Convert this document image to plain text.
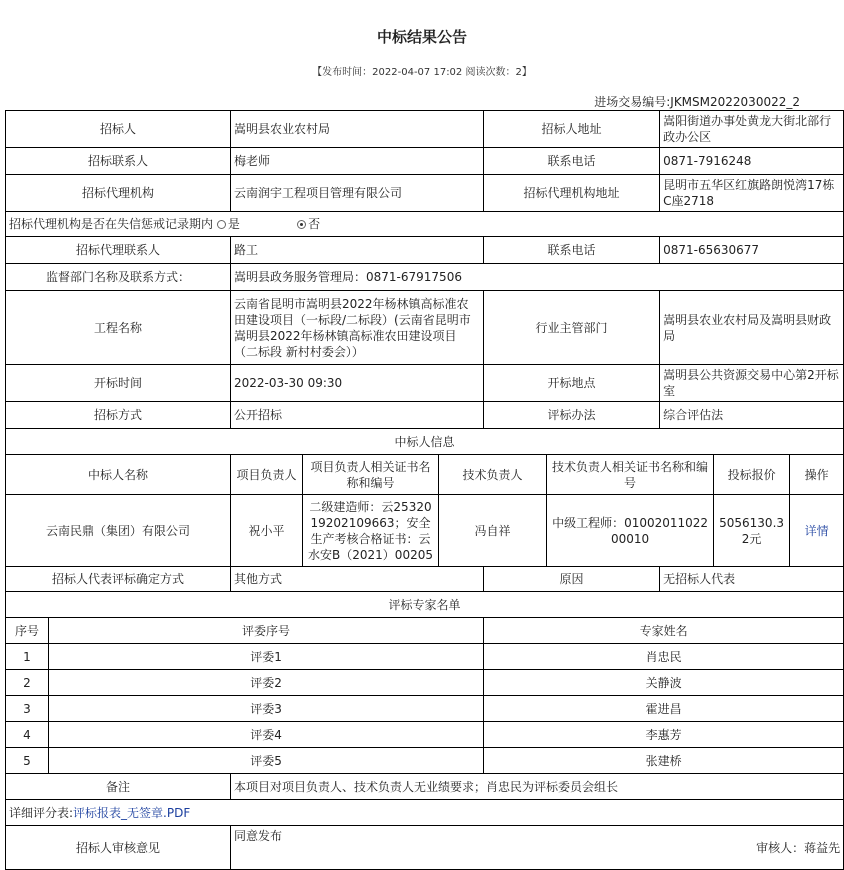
中标结果公告
【发布时间：2022-04-07 17:02 阅读次数：2】
进场交易编号:JKMSM2022030022_2
招标人		嵩明县农业农村局			招标人地址		嵩阳街道办事处黄龙大街北部行政办公区		
招标联系人		梅老师			联系电话		0871-7916248		
招标代理机构		云南润宇工程项目管理有限公司			招标代理机构地址		昆明市五华区红旗路朗悦湾17栋C座2718		
招标代理机构是否在失信惩戒记录期内 是 否									
招标代理联系人		路工			联系电话		0871-65630677		
监督部门名称及联系方式：		嵩明县政务服务管理局：0871-67917506							
工程名称		云南省昆明市嵩明县2022年杨林镇高标准农田建设项目（一标段/二标段）(云南省昆明市嵩明县2022年杨林镇高标准农田建设项目（二标段 新村村委会））			行业主管部门		嵩明县农业农村局及嵩明县财政局		
开标时间		2022-03-30 09:30			开标地点		嵩明县公共资源交易中心第2开标室		
招标方式		公开招标			评标办法		综合评估法		
中标人信息									
中标人名称		项目负责人	项目负责人相关证书名称和编号	技术负责人		技术负责人相关证书名称和编号		投标报价	操作
云南民鼎（集团）有限公司		祝小平	二级建造师：云2532019202109663；安全生产考核合格证书：云水安B（2021）00205	冯自祥		中级工程师：0100201102200010		5056130.32元	详情
招标人代表评标确定方式		其他方式			原因		无招标人代表		
评标专家名单									
序号	评委序号				专家姓名				
1	评委1				肖忠民				
2	评委2				关静波				
3	评委3				霍进昌				
4	评委4				李惠芳				
5	评委5				张建桥				
备注		本项目对项目负责人、技术负责人无业绩要求；肖忠民为评标委员会组长							
详细评分表:评标报表_无签章.PDF									
招标人审核意见		同意发布
审核人：蒋益先							
